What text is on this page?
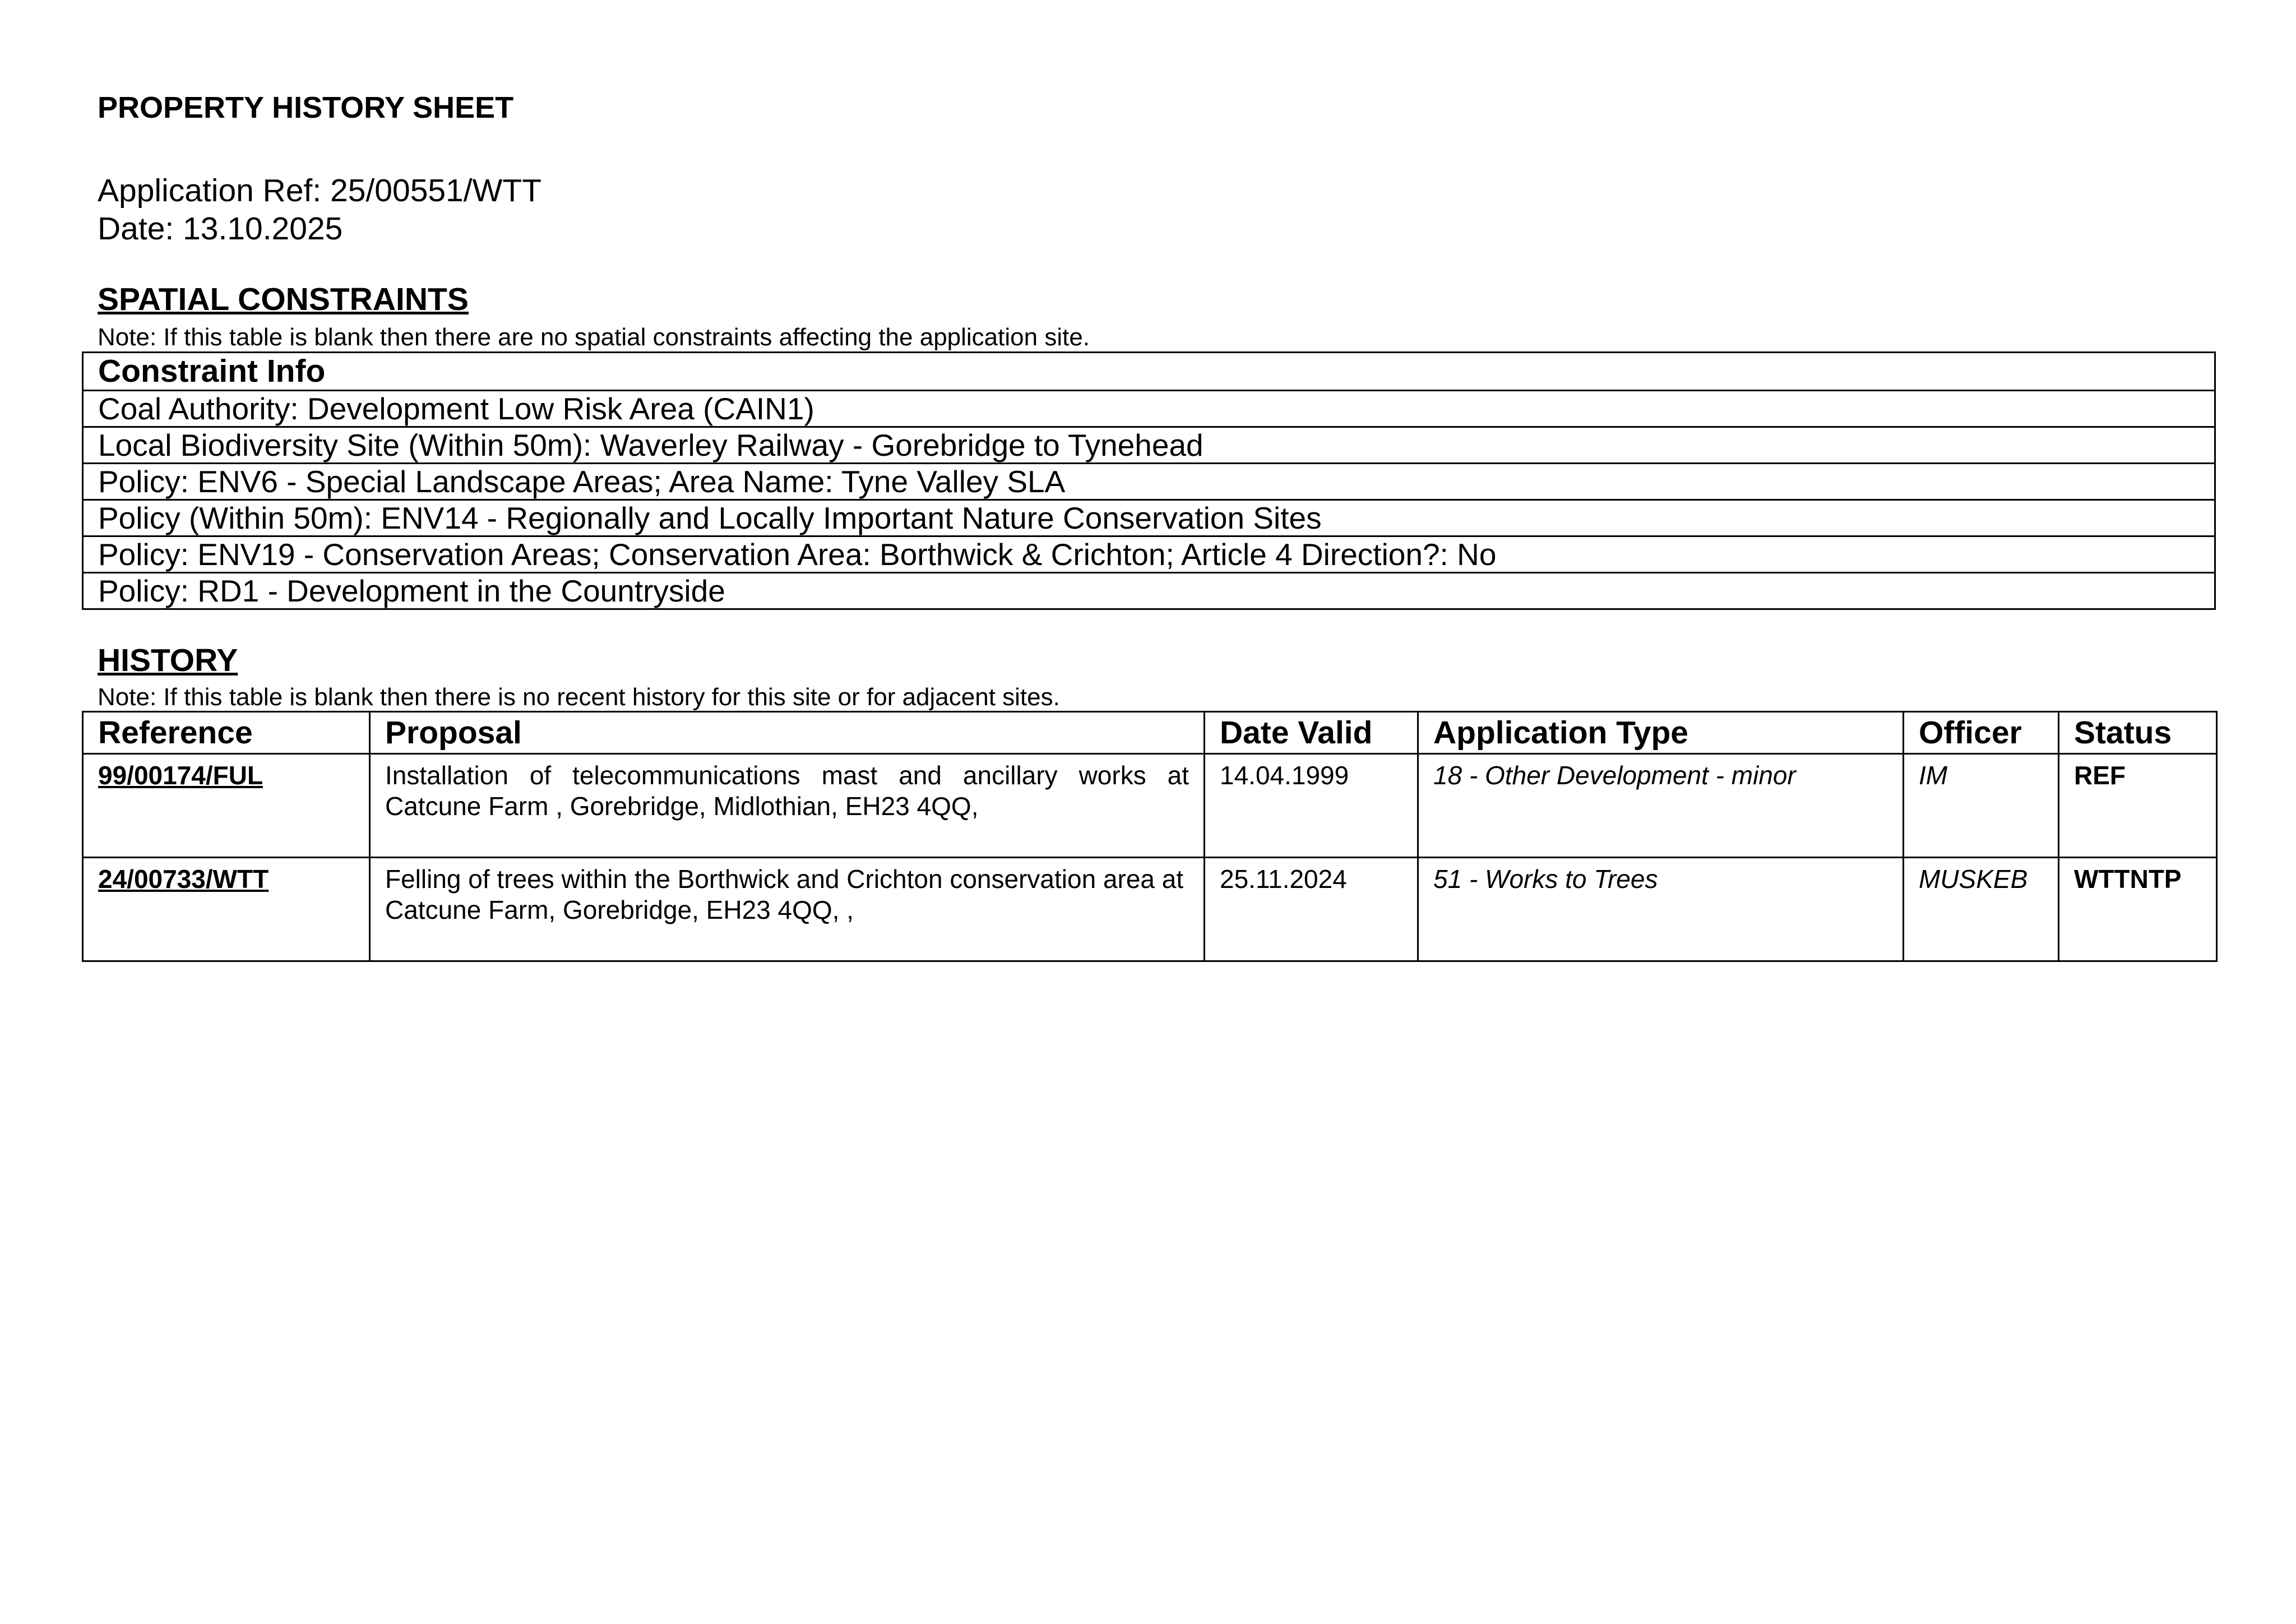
PROPERTY HISTORY SHEET
Application Ref: 25/00551/WTT
Date: 13.10.2025
SPATIAL CONSTRAINTS
Note: If this table is blank then there are no spatial constraints affecting the application site.
Constraint Info
Coal Authority: Development Low Risk Area (CAIN1)
Local Biodiversity Site (Within 50m): Waverley Railway - Gorebridge to Tynehead
Policy: ENV6 - Special Landscape Areas; Area Name: Tyne Valley SLA
Policy (Within 50m): ENV14 - Regionally and Locally Important Nature Conservation Sites
Policy: ENV19 - Conservation Areas; Conservation Area: Borthwick & Crichton; Article 4 Direction?: No
Policy: RD1 - Development in the Countryside
HISTORY
Note: If this table is blank then there is no recent history for this site or for adjacent sites.
Reference	Proposal	Date Valid	Application Type	Officer	Status
99/00174/FUL	Installation of telecommunications mast and ancillary works at Catcune Farm , Gorebridge, Midlothian, EH23 4QQ,	14.04.1999	18 - Other Development - minor	IM	REF
24/00733/WTT	Felling of trees within the Borthwick and Crichton conservation area at Catcune Farm, Gorebridge, EH23 4QQ, ,	25.11.2024	51 - Works to Trees	MUSKEB	WTTNTP
